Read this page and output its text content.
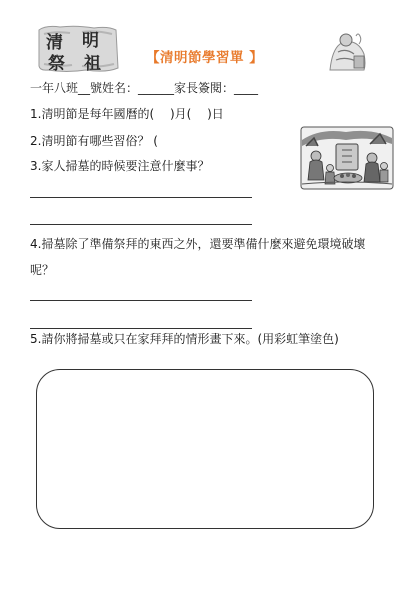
清 明
祭 祖	【清明節學習單 】
一年八班__號姓名：______家長簽閱：____
1.清明節是每年國曆的(　 )月(　 )日
2.清明節有哪些習俗？ (
3.家人掃墓的時候要注意什麼事？
4.掃墓除了準備祭拜的東西之外，還要準備什麼來避免環境破壞
呢？
5.請你將掃墓或只在家拜拜的情形畫下來。(用彩虹筆塗色)
